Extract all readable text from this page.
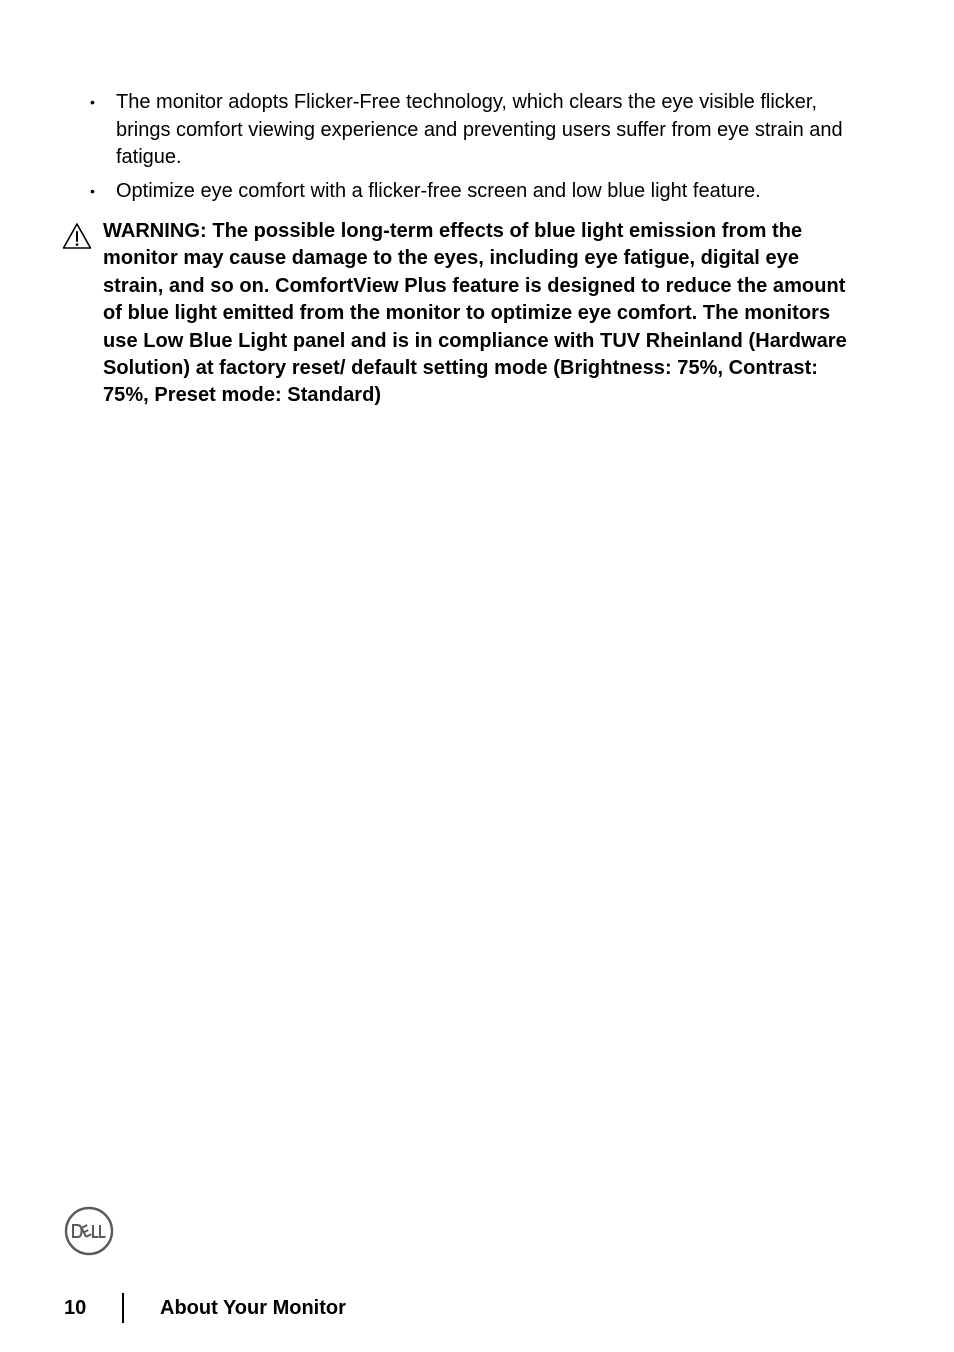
• The monitor adopts Flicker-Free technology, which clears the eye visible flicker, brings comfort viewing experience and preventing users suffer from eye strain and fatigue.
• Optimize eye comfort with a flicker-free screen and low blue light feature.
WARNING: The possible long-term effects of blue light emission from the monitor may cause damage to the eyes, including eye fatigue, digital eye strain, and so on. ComfortView Plus feature is designed to reduce the amount of blue light emitted from the monitor to optimize eye comfort. The monitors use Low Blue Light panel and is in compliance with TUV Rheinland (Hardware Solution) at factory reset/ default setting mode (Brightness: 75%, Contrast: 75%, Preset mode: Standard)
10	About Your Monitor
